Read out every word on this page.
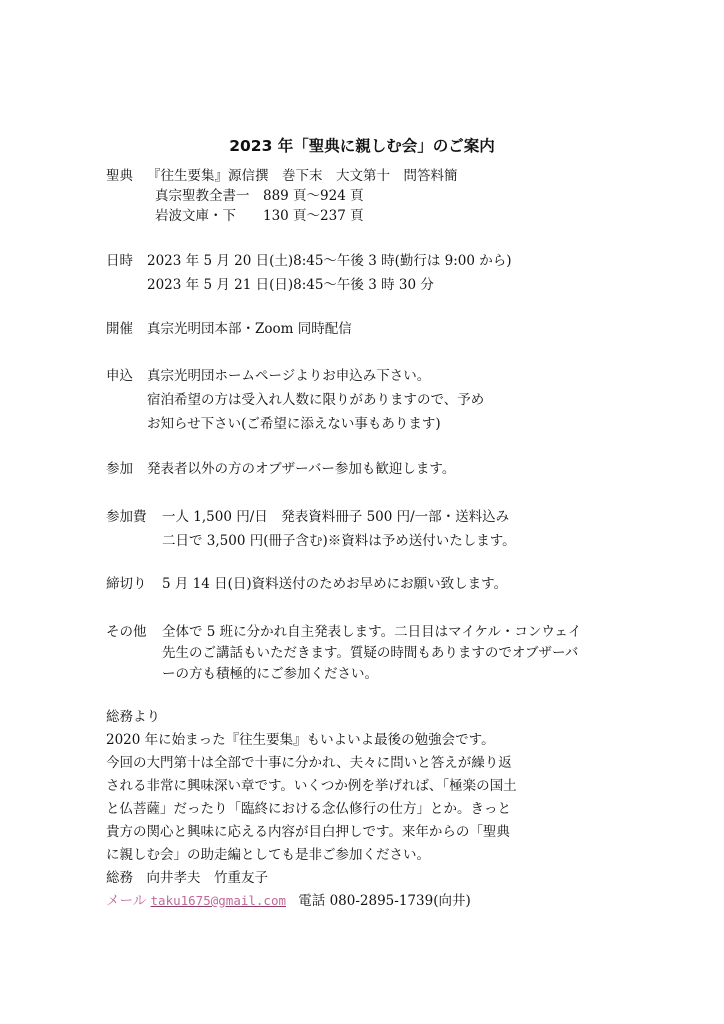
2023 年「聖典に親しむ会」のご案内
聖典 『往生要集』源信撰　巻下末　大文第十　問答料簡
真宗聖教全書一　889 頁〜924 頁
岩波文庫・下　　130 頁〜237 頁
日時 2023 年 5 月 20 日(土)8:45〜午後 3 時(勤行は 9:00 から)
2023 年 5 月 21 日(日)8:45〜午後 3 時 30 分
開催 真宗光明団本部・Zoom 同時配信
申込 真宗光明団ホームページよりお申込み下さい。
宿泊希望の方は受入れ人数に限りがありますので、予め
お知らせ下さい(ご希望に添えない事もあります)
参加 発表者以外の方のオブザーバー参加も歓迎します。
参加費 一人 1,500 円/日　発表資料冊子 500 円/一部・送料込み
二日で 3,500 円(冊子含む)※資料は予め送付いたします。
締切り 5 月 14 日(日)資料送付のためお早めにお願い致します。
その他 全体で 5 班に分かれ自主発表します。二日目はマイケル・コンウェイ
先生のご講話もいただきます。質疑の時間もありますのでオブザーバ
ーの方も積極的にご参加ください。
総務より
2020 年に始まった『往生要集』もいよいよ最後の勉強会です。
今回の大門第十は全部で十事に分かれ、夫々に問いと答えが繰り返
される非常に興味深い章です。いくつか例を挙げれば、「極楽の国土
と仏菩薩」だったり「臨終における念仏修行の仕方」とか。きっと
貴方の関心と興味に応える内容が目白押しです。来年からの「聖典
に親しむ会」の助走編としても是非ご参加ください。
総務　向井孝夫　竹重友子
メール taku1675@gmail.com 電話 080-2895-1739(向井)
